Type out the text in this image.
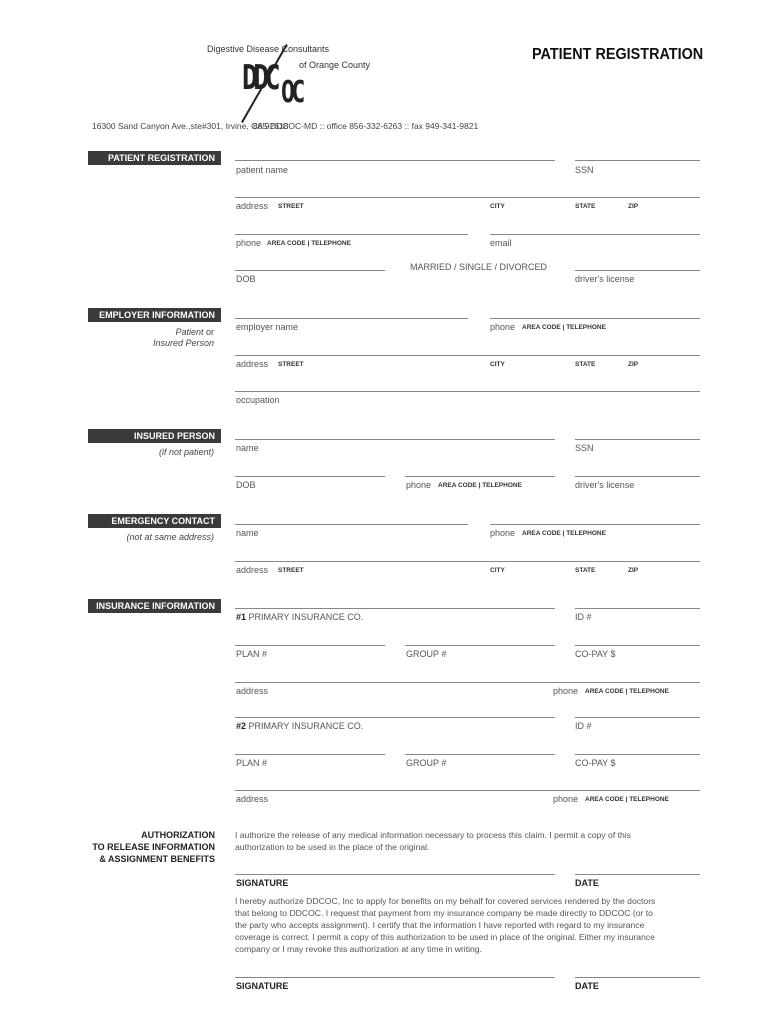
Digestive Disease Consultants
of Orange County
DDC OC
PATIENT REGISTRATION
16300 Sand Canyon Ave.,ste#301, Irvine, CA 92618
865-DDCOC-MD :: office 856-332-6263 :: fax 949-341-9821
PATIENT REGISTRATION
patient name	SSN
address STREET	CITY	STATE	ZIP
phone AREA CODE | TELEPHONE	email
MARRIED / SINGLE / DIVORCED
DOB	driver's license
EMPLOYER INFORMATION
Patient or
Insured Person
employer name	phone AREA CODE | TELEPHONE
address STREET	CITY	STATE	ZIP
occupation
INSURED PERSON
(if not patient) name	SSN
DOB	phone AREA CODE | TELEPHONE	driver's license
EMERGENCY CONTACT
(not at same address) name	phone AREA CODE | TELEPHONE
address STREET	CITY	STATE	ZIP
INSURANCE INFORMATION
#1 PRIMARY INSURANCE CO.	ID #
PLAN #	GROUP #	CO-PAY $
address	phone AREA CODE | TELEPHONE
#2 PRIMARY INSURANCE CO.	ID #
PLAN #	GROUP #	CO-PAY $
address	phone AREA CODE | TELEPHONE
AUTHORIZATION
TO RELEASE INFORMATION
& ASSIGNMENT BENEFITS
I authorize the release of any medical information necessary to process this claim. I permit a copy of this
authorization to be used in the place of the original.
SIGNATURE	DATE
I hereby authorize DDCOC, Inc to apply for benefits on my behalf for covered services rendered by the doctors
that belong to DDCOC. I request that payment from my insurance company be made directly to DDCOC (or to
the party who accepts assignment). I certify that the information I have reported with regard to my insurance
coverage is correct. I permit a copy of this authorization to be used in place of the original. Either my insurance
company or I may revoke this authorization at any time in writing.
SIGNATURE	DATE
